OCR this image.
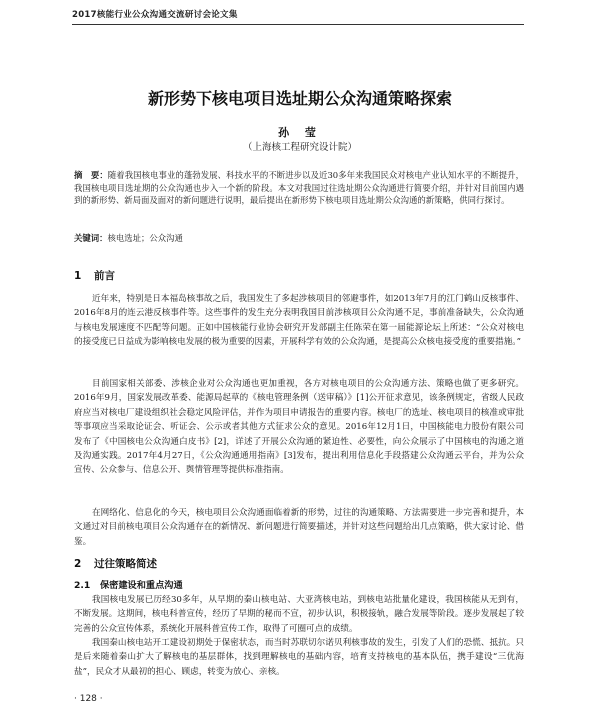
2017核能行业公众沟通交流研讨会论文集
新形势下核电项目选址期公众沟通策略探索
孙 莹
（上海核工程研究设计院）
摘　要：随着我国核电事业的蓬勃发展、科技水平的不断进步以及近30多年来我国民众对核电产业认知水平的不断提升，我国核电项目选址期的公众沟通也步入一个新的阶段。本文对我国过往选址期公众沟通进行简要介绍，并针对目前国内遇到的新形势、新局面及面对的新问题进行说明，最后提出在新形势下核电项目选址期公众沟通的新策略，供同行探讨。
关键词：核电选址；公众沟通
1 前言
近年来，特别是日本福岛核事故之后，我国发生了多起涉核项目的邻避事件，如2013年7月的江门鹤山反核事件、2016年8月的连云港反核事件等。这些事件的发生充分表明我国目前涉核项目公众沟通不足，事前准备缺失，公众沟通与核电发展速度不匹配等问题。正如中国核能行业协会研究开发部副主任陈荣在第一届能源论坛上所述：“公众对核电的接受度已日益成为影响核电发展的极为重要的因素，开展科学有效的公众沟通，是提高公众核电接受度的重要措施。”
目前国家相关部委、涉核企业对公众沟通也更加重视，各方对核电项目的公众沟通方法、策略也做了更多研究。2016年9月，国家发展改革委、能源局起草的《核电管理条例（送审稿）》[1]公开征求意见，该条例规定，省级人民政府应当对核电厂建设组织社会稳定风险评估，并作为项目申请报告的重要内容。核电厂的选址、核电项目的核准或审批等事项应当采取论证会、听证会、公示或者其他方式征求公众的意见。2016年12月1日，中国核能电力股份有限公司发布了《中国核电公众沟通白皮书》[2]，详述了开展公众沟通的紧迫性、必要性，向公众展示了中国核电的沟通之道及沟通实践。2017年4月27日，《公众沟通通用指南》[3]发布，提出利用信息化手段搭建公众沟通云平台，并为公众宣传、公众参与、信息公开、舆情管理等提供标准指南。
在网络化、信息化的今天，核电项目公众沟通面临着新的形势，过往的沟通策略、方法需要进一步完善和提升，本文通过对目前核电项目公众沟通存在的新情况、新问题进行简要描述，并针对这些问题给出几点策略，供大家讨论、借鉴。
2 过往策略简述
2.1 保密建设和重点沟通
我国核电发展已历经30多年，从早期的秦山核电站、大亚湾核电站，到核电站批量化建设，我国核能从无到有，不断发展。这期间，核电科普宣传，经历了早期的秘而不宣，初步认识，积极接轨，融合发展等阶段。逐步发展起了较完善的公众宣传体系，系统化开展科普宣传工作，取得了可圈可点的成绩。
我国秦山核电站开工建设初期处于保密状态，而当时苏联切尔诺贝利核事故的发生，引发了人们的恐慌、抵抗。只是后来随着秦山扩大了解核电的基层群体，找到理解核电的基础内容，培育支持核电的基本队伍，携手建设“三优海盐”，民众才从最初的担心、顾虑，转变为放心、亲核。
· 128 ·
